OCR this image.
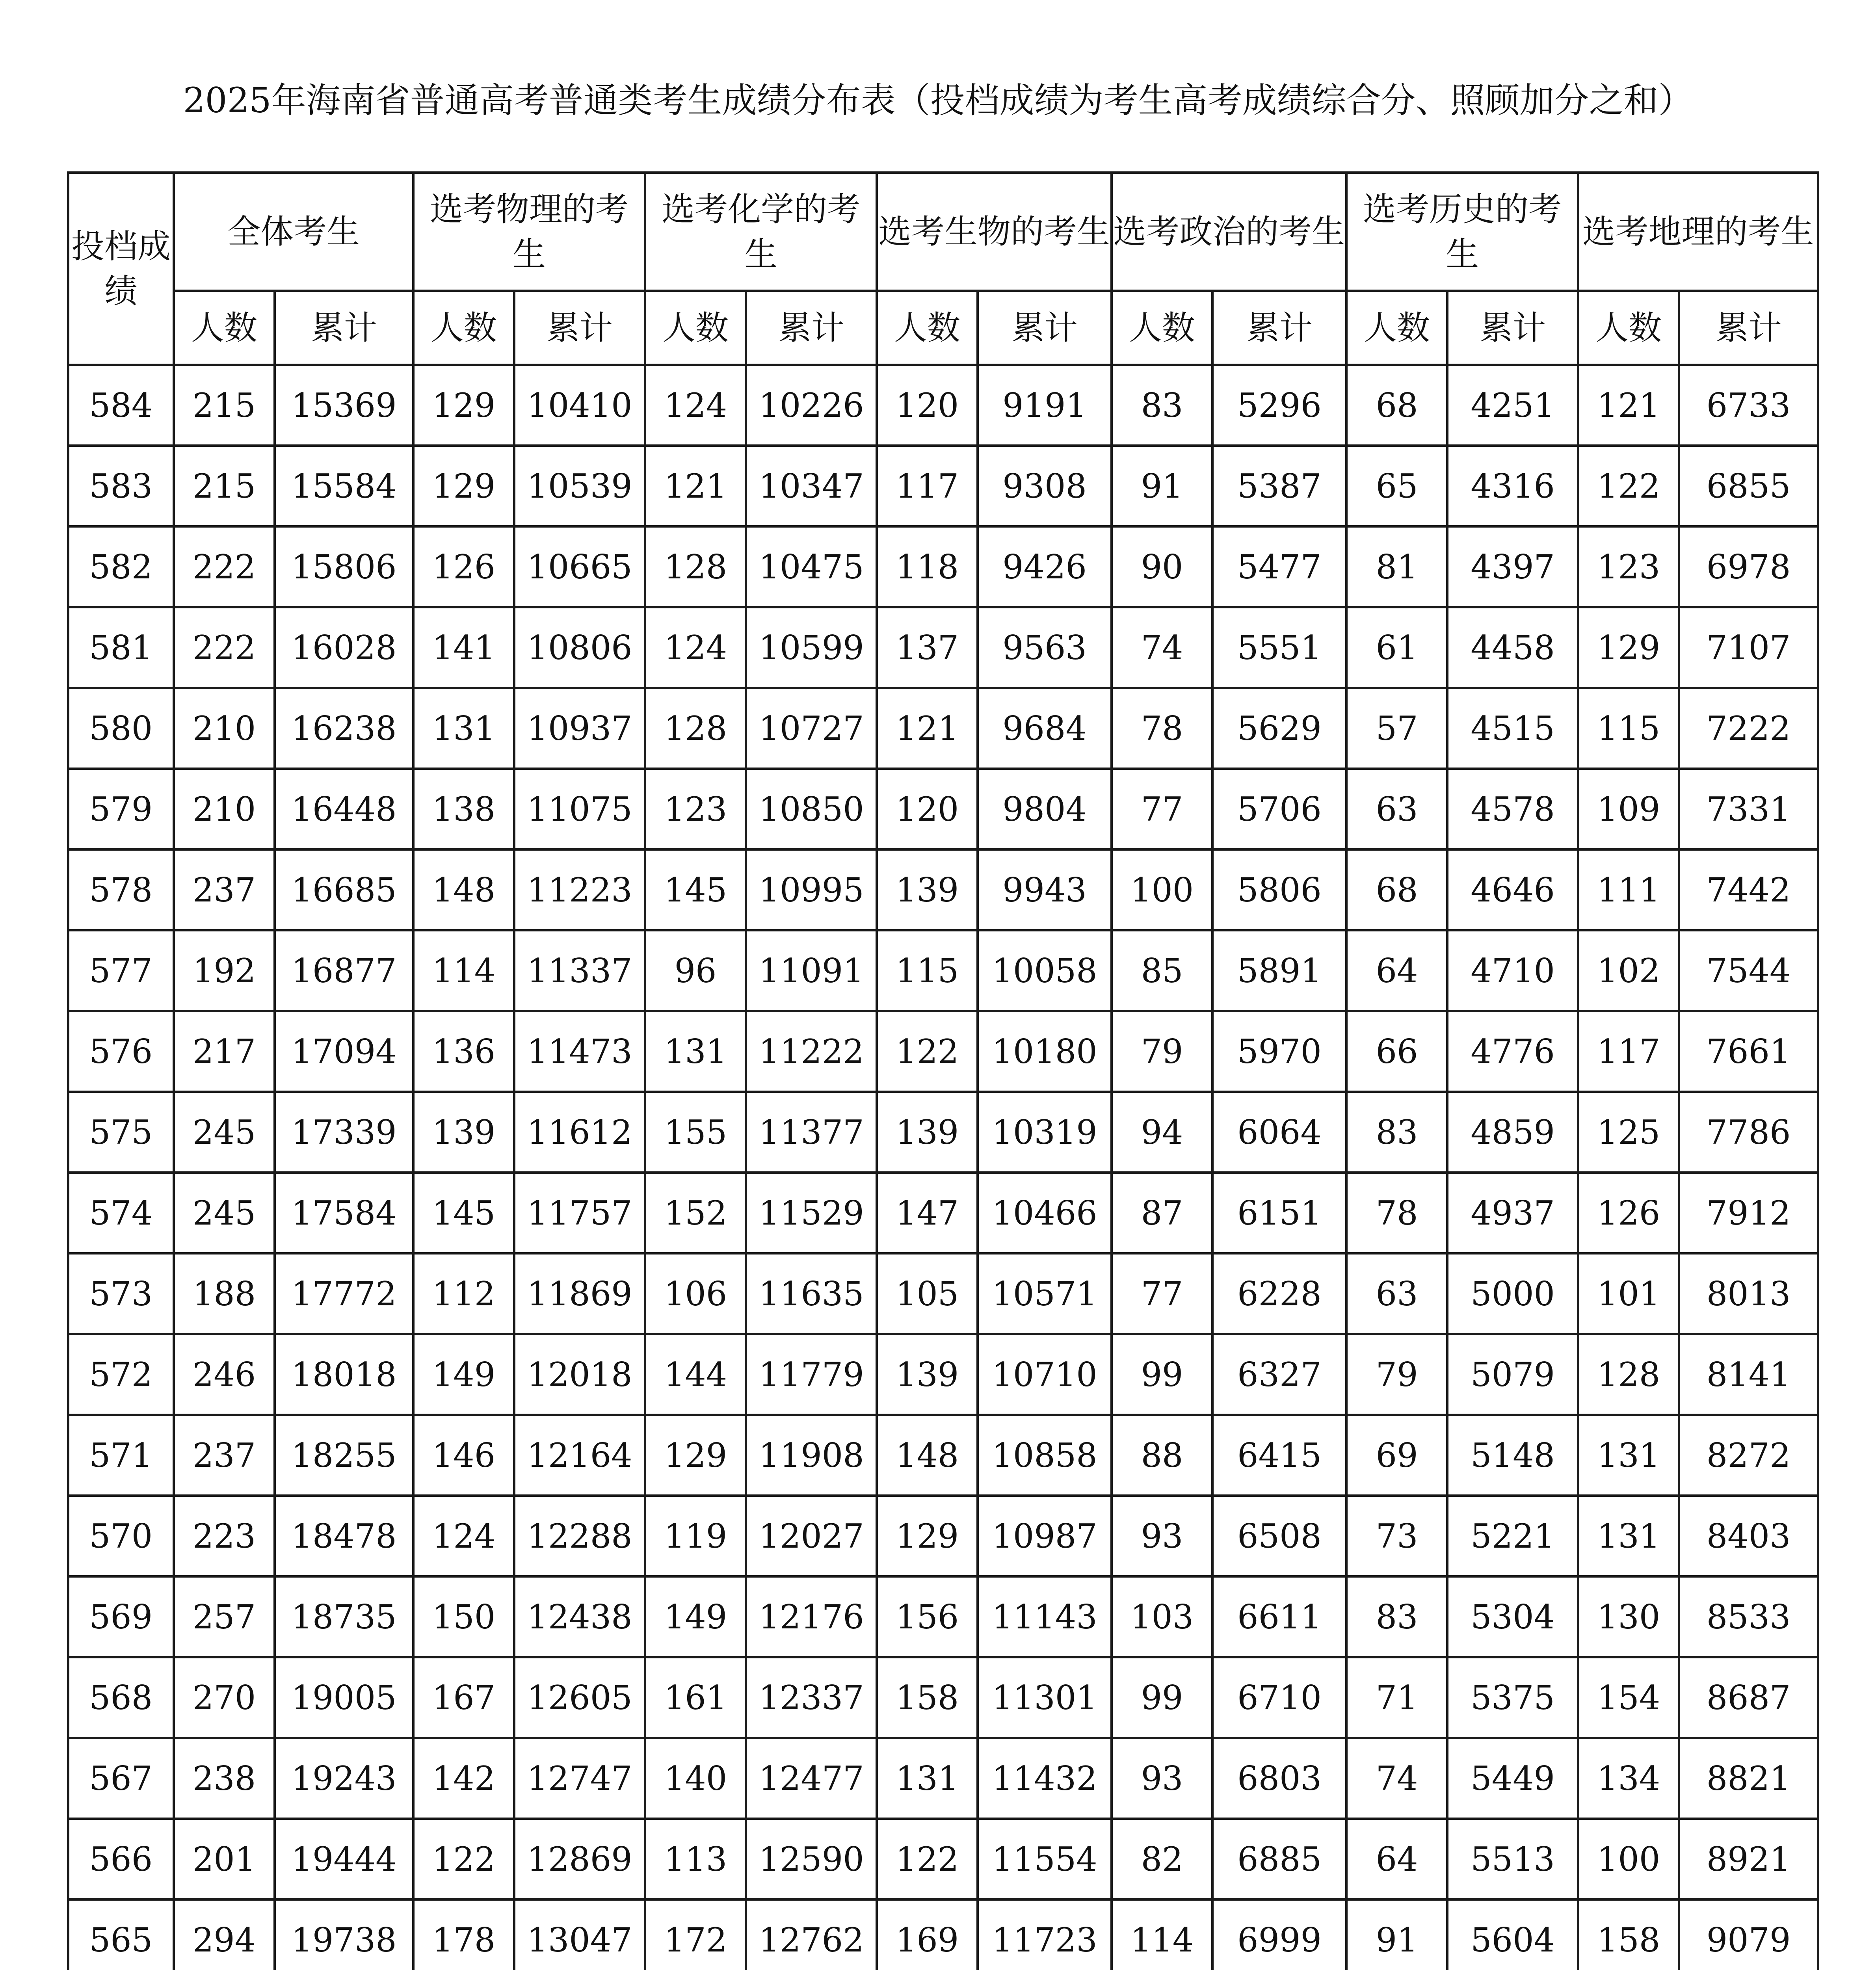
2025年海南省普通高考普通类考生成绩分布表（投档成绩为考生高考成绩综合分、照顾加分之和）
投档成绩	全体考生		选考物理的考生		选考化学的考生		选考生物的考生		选考政治的考生		选考历史的考生		选考地理的考生	
	人数	累计	人数	累计	人数	累计	人数	累计	人数	累计	人数	累计	人数	累计
584	215	15369	129	10410	124	10226	120	9191	83	5296	68	4251	121	6733
583	215	15584	129	10539	121	10347	117	9308	91	5387	65	4316	122	6855
582	222	15806	126	10665	128	10475	118	9426	90	5477	81	4397	123	6978
581	222	16028	141	10806	124	10599	137	9563	74	5551	61	4458	129	7107
580	210	16238	131	10937	128	10727	121	9684	78	5629	57	4515	115	7222
579	210	16448	138	11075	123	10850	120	9804	77	5706	63	4578	109	7331
578	237	16685	148	11223	145	10995	139	9943	100	5806	68	4646	111	7442
577	192	16877	114	11337	96	11091	115	10058	85	5891	64	4710	102	7544
576	217	17094	136	11473	131	11222	122	10180	79	5970	66	4776	117	7661
575	245	17339	139	11612	155	11377	139	10319	94	6064	83	4859	125	7786
574	245	17584	145	11757	152	11529	147	10466	87	6151	78	4937	126	7912
573	188	17772	112	11869	106	11635	105	10571	77	6228	63	5000	101	8013
572	246	18018	149	12018	144	11779	139	10710	99	6327	79	5079	128	8141
571	237	18255	146	12164	129	11908	148	10858	88	6415	69	5148	131	8272
570	223	18478	124	12288	119	12027	129	10987	93	6508	73	5221	131	8403
569	257	18735	150	12438	149	12176	156	11143	103	6611	83	5304	130	8533
568	270	19005	167	12605	161	12337	158	11301	99	6710	71	5375	154	8687
567	238	19243	142	12747	140	12477	131	11432	93	6803	74	5449	134	8821
566	201	19444	122	12869	113	12590	122	11554	82	6885	64	5513	100	8921
565	294	19738	178	13047	172	12762	169	11723	114	6999	91	5604	158	9079
